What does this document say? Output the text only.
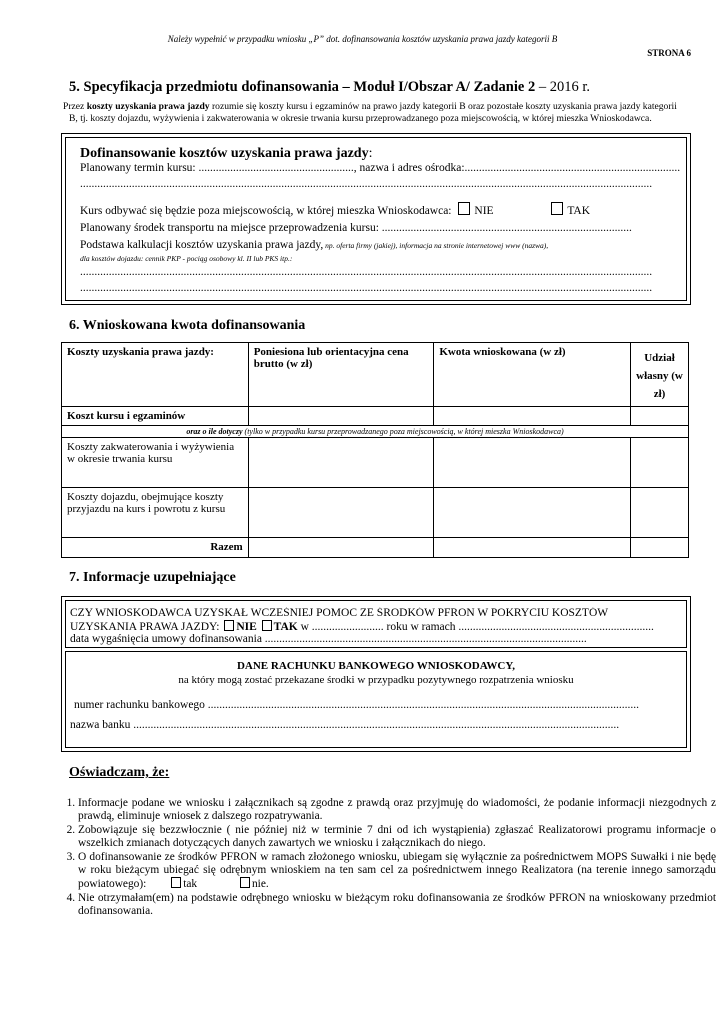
Należy wypełnić w przypadku wniosku „P” dot. dofinansowania kosztów uzyskania prawa jazdy kategorii B
STRONA 6
5. Specyfikacja przedmiotu dofinansowania – Moduł I/Obszar A/ Zadanie 2 – 2016 r.

Przez koszty uzyskania prawa jazdy rozumie się koszty kursu i egzaminów na prawo jazdy kategorii B oraz pozostałe koszty uzyskania prawa jazdy kategorii

B, tj. koszty dojazdu, wyżywienia i zakwaterowania w okresie trwania kursu przeprowadzanego poza miejscowością, w której mieszka Wnioskodawca.

Dofinansowanie kosztów uzyskania prawa jazdy:
Planowany termin kursu: ......................................................, nazwa i adres ośrodka:...........................................................................
.......................................................................................................................................................................................................
Kurs odbywać się będzie poza miejscowością, w której mieszka Wnioskodawca: NIE	TAK
Planowany środek transportu na miejsce przeprowadzenia kursu: .......................................................................................
Podstawa kalkulacji kosztów uzyskania prawa jazdy, np. oferta firmy (jakiej), informacja na stronie internetowej www (nazwa),
dla kosztów dojazdu: cennik PKP - pociąg osobowy kl. II lub PKS itp.:
.......................................................................................................................................................................................................
.......................................................................................................................................................................................................
6. Wnioskowana kwota dofinansowania
Koszty uzyskania prawa jazdy:	Poniesiona lub orientacyjna cena brutto (w zł)	Kwota wnioskowana (w zł)	Udział własny (w zł)
Koszt kursu i egzaminów			
oraz o ile dotyczy (tylko w przypadku kursu przeprowadzanego poza miejscowością, w której mieszka Wnioskodawca)			
Koszty zakwaterowania i wyżywienia w okresie trwania kursu			
Koszty dojazdu, obejmujące koszty przyjazdu na kurs i powrotu z kursu			
Razem			
7. Informacje uzupełniające
CZY WNIOSKODAWCA UZYSKAŁ WCZEŚNIEJ POMOC ZE ŚRODKÓW PFRON W POKRYCIU KOSZTÓW
UZYSKANIA PRAWA JAZDY: NIE TAK w ......................... roku w ramach ....................................................................
data wygaśnięcia umowy dofinansowania ................................................................................................................
DANE RACHUNKU BANKOWEGO WNIOSKODAWCY,
na który mogą zostać przekazane środki w przypadku pozytywnego rozpatrzenia wniosku
numer rachunku bankowego ......................................................................................................................................................
nazwa banku .........................................................................................................................................................................
Oświadczam, że:
1. Informacje podane we wniosku i załącznikach są zgodne z prawdą oraz przyjmuję do wiadomości, że podanie informacji niezgodnych z prawdą, eliminuje wniosek z dalszego rozpatrywania.
2. Zobowiązuje się bezzwłocznie ( nie później niż w terminie 7 dni od ich wystąpienia) zgłaszać Realizatorowi programu informacje o wszelkich zmianach dotyczących danych zawartych we wniosku i załącznikach do niego.
3. O dofinansowanie ze środków PFRON w ramach złożonego wniosku, ubiegam się wyłącznie za pośrednictwem MOPS Suwałki i nie będę w roku bieżącym ubiegać się odrębnym wnioskiem na ten sam cel za pośrednictwem innego Realizatora (na terenie innego samorządu powiatowego):	tak	nie.
4. Nie otrzymałam(em) na podstawie odrębnego wniosku w bieżącym roku dofinansowania ze środków PFRON na wnioskowany przedmiot dofinansowania.
